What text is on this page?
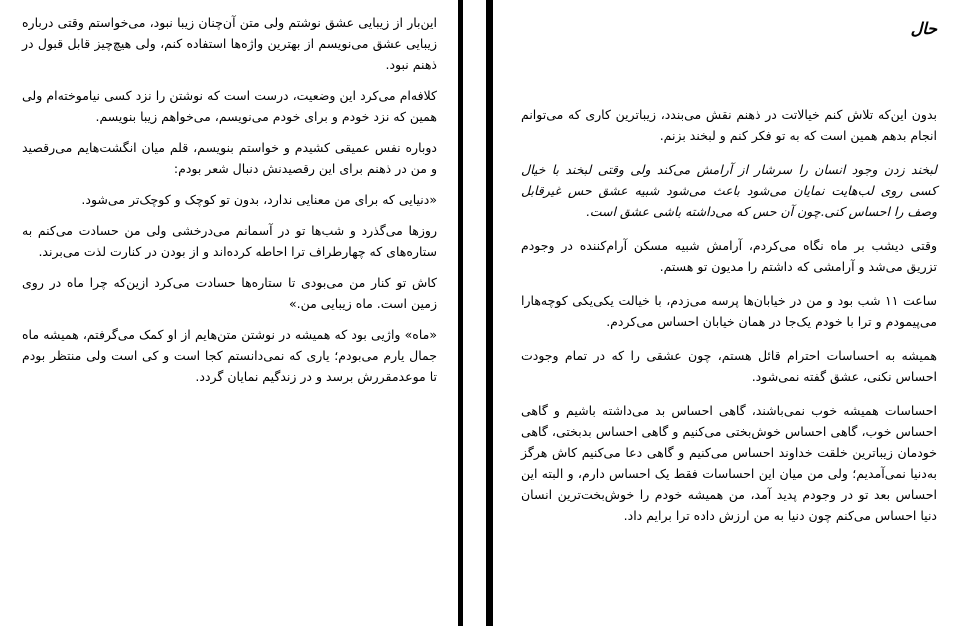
این‌بار از زیبایی عشق نوشتم ولی متن آن‌چنان زیبا نبود، می‌خواستم وقتی درباره زیبایی عشق می‌نویسم از بهترین واژه‌ها استفاده کنم، ولی هیچ‌چیز قابل قبول در ذهنم نبود.

کلافه‌ام می‌کرد این وضعیت، درست است که نوشتن را نزد کسی نیاموخته‌ام ولی همین که نزد خودم و برای خودم می‌نویسم، می‌خواهم زیبا بنویسم.

دوباره نفس عمیقی کشیدم و خواستم بنویسم، قلم میان انگشت‌هایم می‌رقصید و من در ذهنم برای این رقصیدنش دنبال شعر بودم:

«دنیایی که برای من معنایی ندارد، بدون تو کوچک و کوچک‌تر می‌شود.

روزها می‌گذرد و شب‌ها تو در آسمانم می‌درخشی ولی من حسادت می‌کنم به ستاره‌های که چهارطراف ترا احاطه کرده‌اند و از بودن در کنارت لذت می‌برند.

کاش تو کنار من می‌بودی تا ستاره‌ها حسادت می‌کرد ازین‌که چرا ماه در روی زمین است. ماه زیبایی من.»

«ماه» واژیی بود که همیشه در نوشتن متن‌هایم از او کمک می‌گرفتم، همیشه ماه جمال یارم می‌بودم؛ یاری که نمی‌دانستم کجا است و کی است ولی منتظر بودم تا موعدمقررش برسد و در زندگیم نمایان گردد.

حال

بدون این‌که تلاش کنم خیالاتت در ذهنم نقش می‌بندد، زیباترین کاری که می‌توانم انجام بدهم همین است که به تو فکر کنم و لبخند بزنم.

لبخند زدن وجود انسان را سرشار از آرامش می‌کند ولی وقتی لبخند با خیال کسی روی لب‌هایت نمایان می‌شود باعث می‌شود شبیه عشق حس غیرقابل وصف را احساس کنی.چون آن حس که می‌داشته باشی عشق است.

وقتی دیشب بر ماه نگاه می‌کردم، آرامش شبیه مسکن آرام‌کننده در وجودم تزریق می‌شد و آرامشی که داشتم را مدیون تو هستم.

ساعت ۱۱ شب بود و من در خیابان‌ها پرسه می‌زدم، با خیالت یکی‌یکی کوچه‌هارا می‌پیمودم و ترا با خودم یک‌جا در همان خیابان احساس می‌کردم.

همیشه به احساسات احترام قائل هستم، چون عشقی را که در تمام وجودت احساس نکنی، عشق گفته نمی‌شود.

احساسات همیشه خوب نمی‌باشند، گاهی احساس بد می‌داشته باشیم و گاهی احساس خوب، گاهی احساس خوش‌بختی می‌کنیم و گاهی احساس بدبختی، گاهی خودمان زیباترین خلقت خداوند احساس می‌کنیم و گاهی دعا می‌کنیم کاش هرگز به‌دنیا نمی‌آمدیم؛ ولی من میان این احساسات فقط یک احساس دارم، و البته این احساس بعد تو در وجودم پدید آمد، من همیشه خودم را خوش‌بخت‌ترین انسان دنیا احساس می‌کنم چون دنیا به من ارزش داده ترا برایم داد.
